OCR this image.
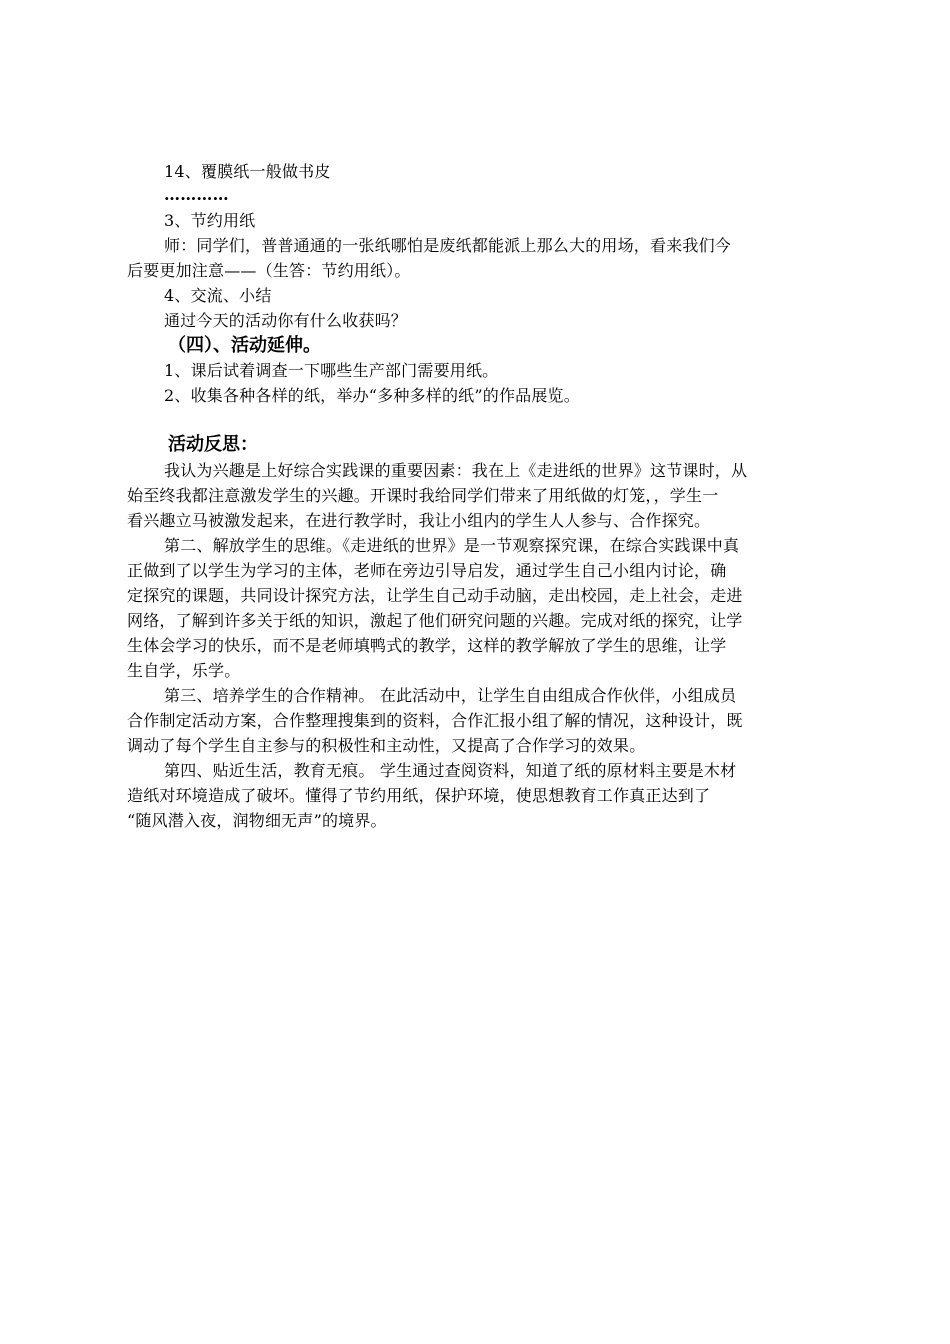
14、覆膜纸一般做书皮
…………
3、节约用纸
师：同学们，普普通通的一张纸哪怕是废纸都能派上那么大的用场，看来我们今
后要更加注意——（生答：节约用纸）。
4、交流、小结
通过今天的活动你有什么收获吗？
（四）、活动延伸。
1、课后试着调查一下哪些生产部门需要用纸。
2、收集各种各样的纸，举办“多种多样的纸”的作品展览。
活动反思：
我认为兴趣是上好综合实践课的重要因素：我在上《走进纸的世界》这节课时，从
始至终我都注意激发学生的兴趣。开课时我给同学们带来了用纸做的灯笼，，学生一
看兴趣立马被激发起来，在进行教学时，我让小组内的学生人人参与、合作探究。
第二、解放学生的思维。《走进纸的世界》是一节观察探究课，在综合实践课中真
正做到了以学生为学习的主体，老师在旁边引导启发，通过学生自己小组内讨论，确
定探究的课题，共同设计探究方法，让学生自己动手动脑，走出校园，走上社会，走进
网络，了解到许多关于纸的知识，激起了他们研究问题的兴趣。完成对纸的探究，让学
生体会学习的快乐，而不是老师填鸭式的教学，这样的教学解放了学生的思维，让学
生自学，乐学。
第三、培养学生的合作精神。 在此活动中，让学生自由组成合作伙伴，小组成员
合作制定活动方案，合作整理搜集到的资料，合作汇报小组了解的情况，这种设计，既
调动了每个学生自主参与的积极性和主动性，又提高了合作学习的效果。
第四、贴近生活，教育无痕。 学生通过查阅资料，知道了纸的原材料主要是木材
造纸对环境造成了破坏。懂得了节约用纸，保护环境，使思想教育工作真正达到了
“随风潜入夜，润物细无声”的境界。
